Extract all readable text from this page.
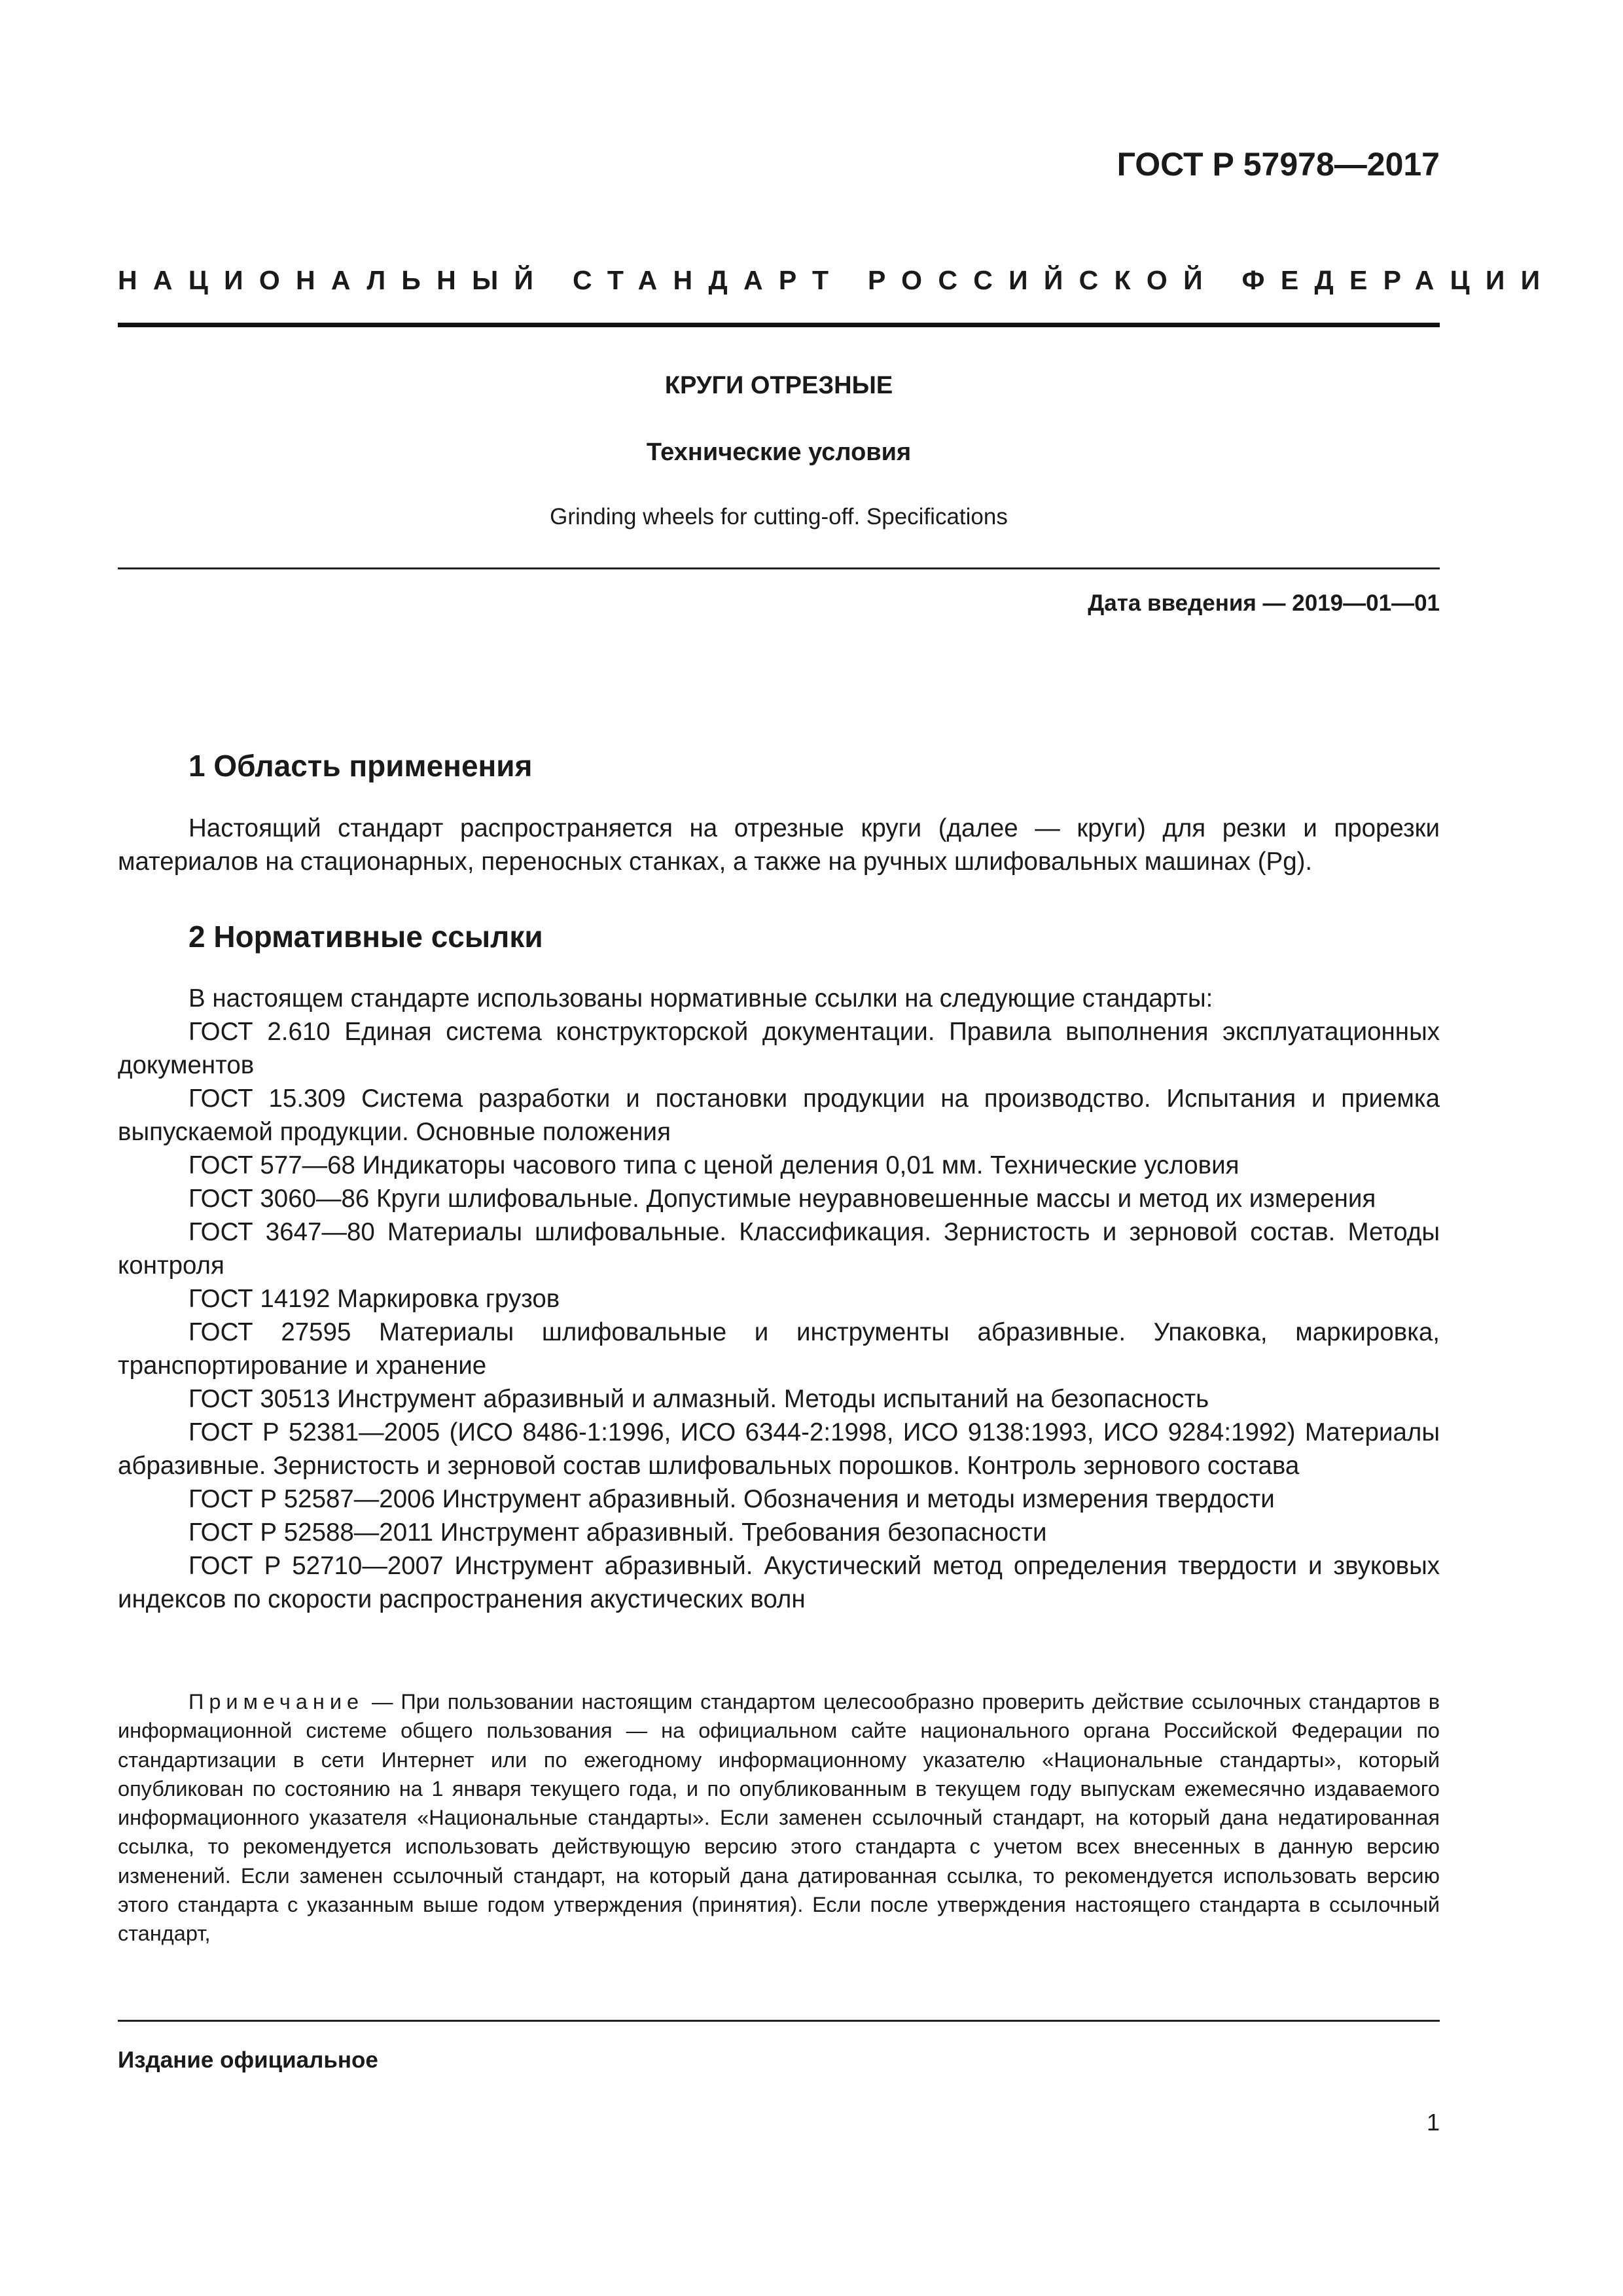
ГОСТ Р 57978—2017

НАЦИОНАЛЬНЫЙ СТАНДАРТ РОССИЙСКОЙ ФЕДЕРАЦИИ

КРУГИ ОТРЕЗНЫЕ

Технические условия

Grinding wheels for cutting-off. Specifications

Дата введения — 2019—01—01

1 Область применения

Настоящий стандарт распространяется на отрезные круги (далее — круги) для резки и прорезки материалов на стационарных, переносных станках, а также на ручных шлифовальных машинах (Pg).

2 Нормативные ссылки

В настоящем стандарте использованы нормативные ссылки на следующие стандарты:

ГОСТ 2.610 Единая система конструкторской документации. Правила выполнения эксплуатационных документов

ГОСТ 15.309 Система разработки и постановки продукции на производство. Испытания и приемка выпускаемой продукции. Основные положения

ГОСТ 577—68 Индикаторы часового типа с ценой деления 0,01 мм. Технические условия

ГОСТ 3060—86 Круги шлифовальные. Допустимые неуравновешенные массы и метод их измерения

ГОСТ 3647—80 Материалы шлифовальные. Классификация. Зернистость и зерновой состав. Методы контроля

ГОСТ 14192 Маркировка грузов

ГОСТ 27595 Материалы шлифовальные и инструменты абразивные. Упаковка, маркировка, транспортирование и хранение

ГОСТ 30513 Инструмент абразивный и алмазный. Методы испытаний на безопасность

ГОСТ Р 52381—2005 (ИСО 8486-1:1996, ИСО 6344-2:1998, ИСО 9138:1993, ИСО 9284:1992) Материалы абразивные. Зернистость и зерновой состав шлифовальных порошков. Контроль зернового состава

ГОСТ Р 52587—2006 Инструмент абразивный. Обозначения и методы измерения твердости

ГОСТ Р 52588—2011 Инструмент абразивный. Требования безопасности

ГОСТ Р 52710—2007 Инструмент абразивный. Акустический метод определения твердости и звуковых индексов по скорости распространения акустических волн

Примечание — При пользовании настоящим стандартом целесообразно проверить действие ссылочных стандартов в информационной системе общего пользования — на официальном сайте национального органа Российской Федерации по стандартизации в сети Интернет или по ежегодному информационному указателю «Национальные стандарты», который опубликован по состоянию на 1 января текущего года, и по опубликованным в текущем году выпускам ежемесячно издаваемого информационного указателя «Национальные стандарты». Если заменен ссылочный стандарт, на который дана недатированная ссылка, то рекомендуется использовать действующую версию этого стандарта с учетом всех внесенных в данную версию изменений. Если заменен ссылочный стандарт, на который дана датированная ссылка, то рекомендуется использовать версию этого стандарта с указанным выше годом утверждения (принятия). Если после утверждения настоящего стандарта в ссылочный стандарт,

Издание официальное

1
